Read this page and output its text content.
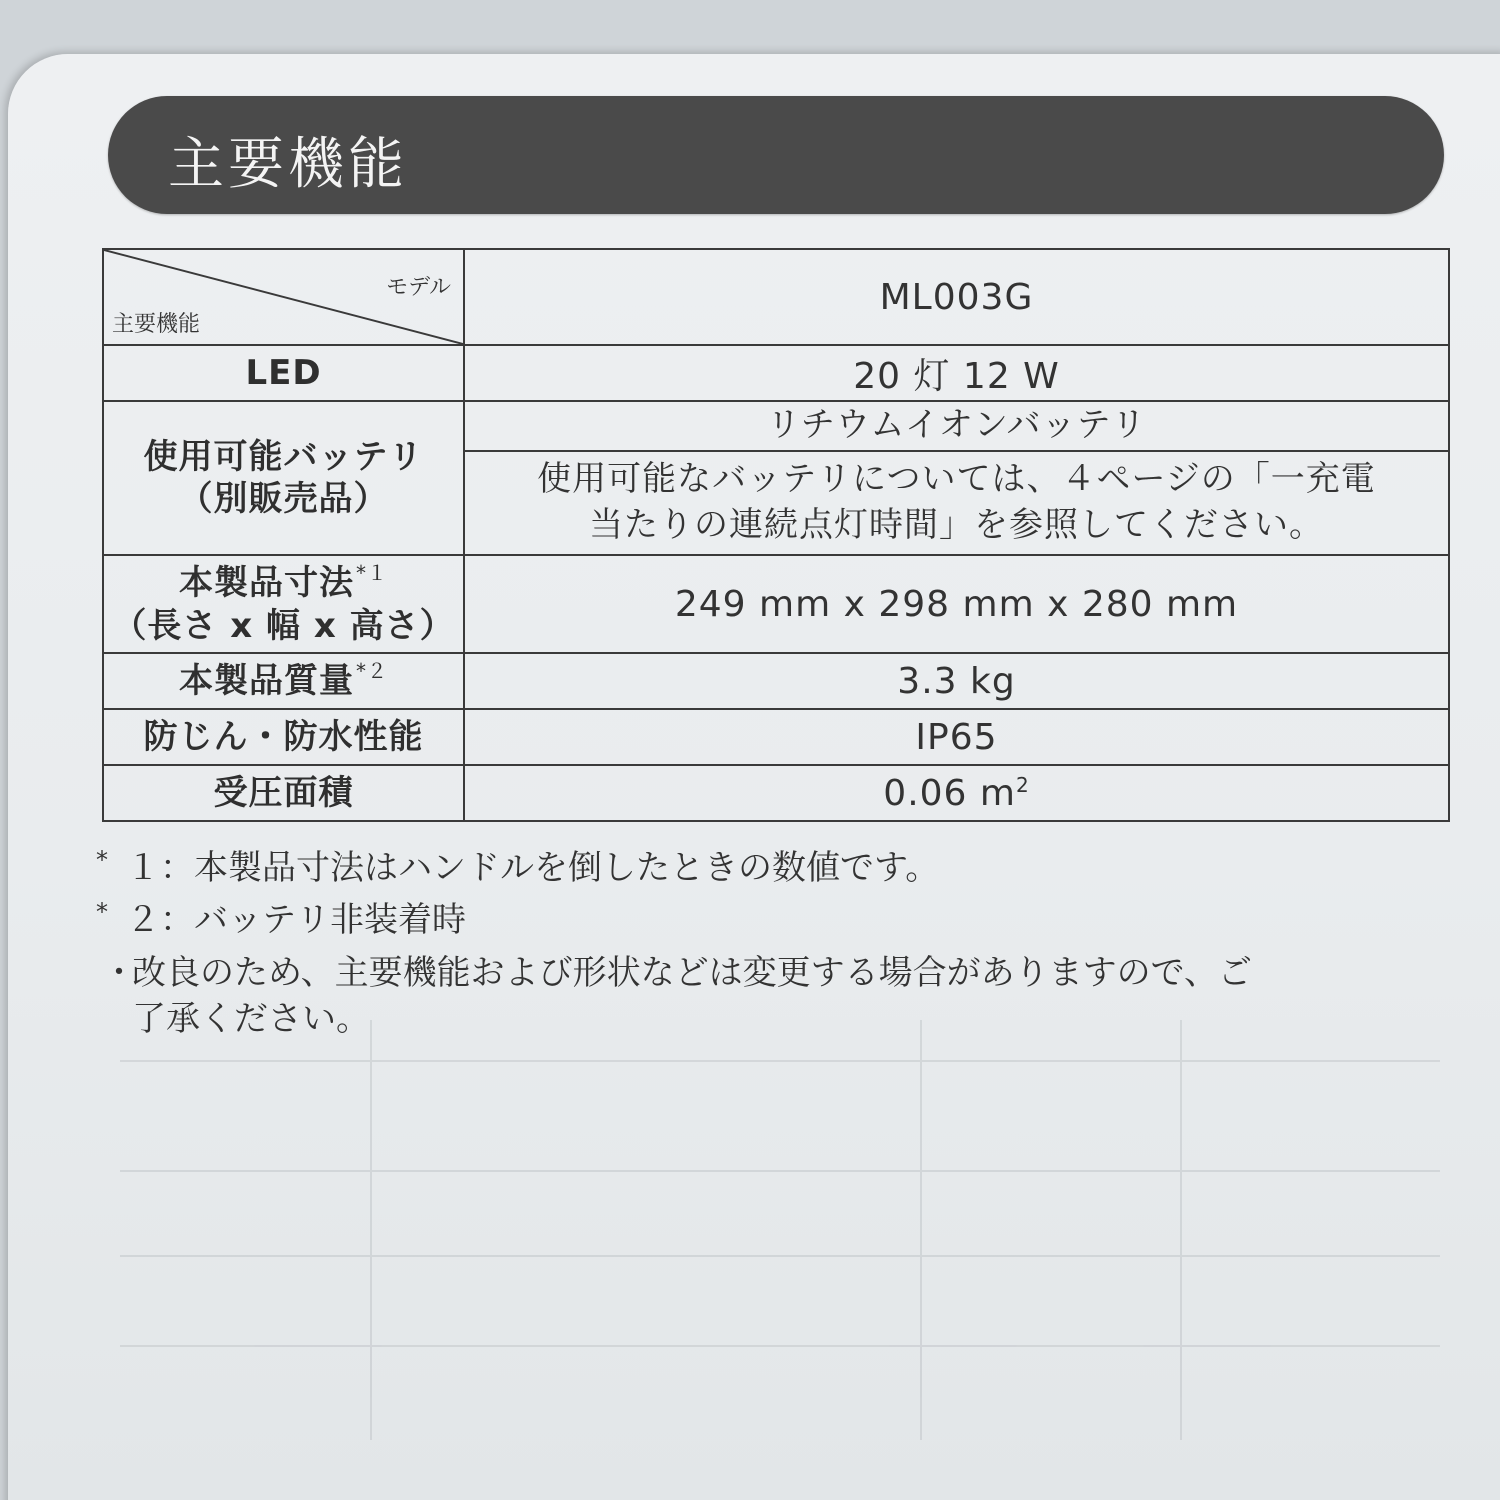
主要機能
モデル
主要機能	ML003G
LED	20 灯 12 W

使用可能バッテリ
（別販売品）	リチウムイオンバッテリ

	使用可能なバッテリについては、４ページの「一充電
当たりの連続点灯時間」を参照してください。

本製品寸法 $^{*1}$
（長さ x 幅 x 高さ）	249 mm x 298 mm x 280 mm
本製品質量 $^{*2}$	3.3 kg
防じん・防水性能	IP65
受圧面積	0.06 $m^2$
* １：本製品寸法はハンドルを倒したときの数値です。
* ２：バッテリ非装着時
・
改良のため、主要機能および形状などは変更する場合がありますので、ご
了承ください。
